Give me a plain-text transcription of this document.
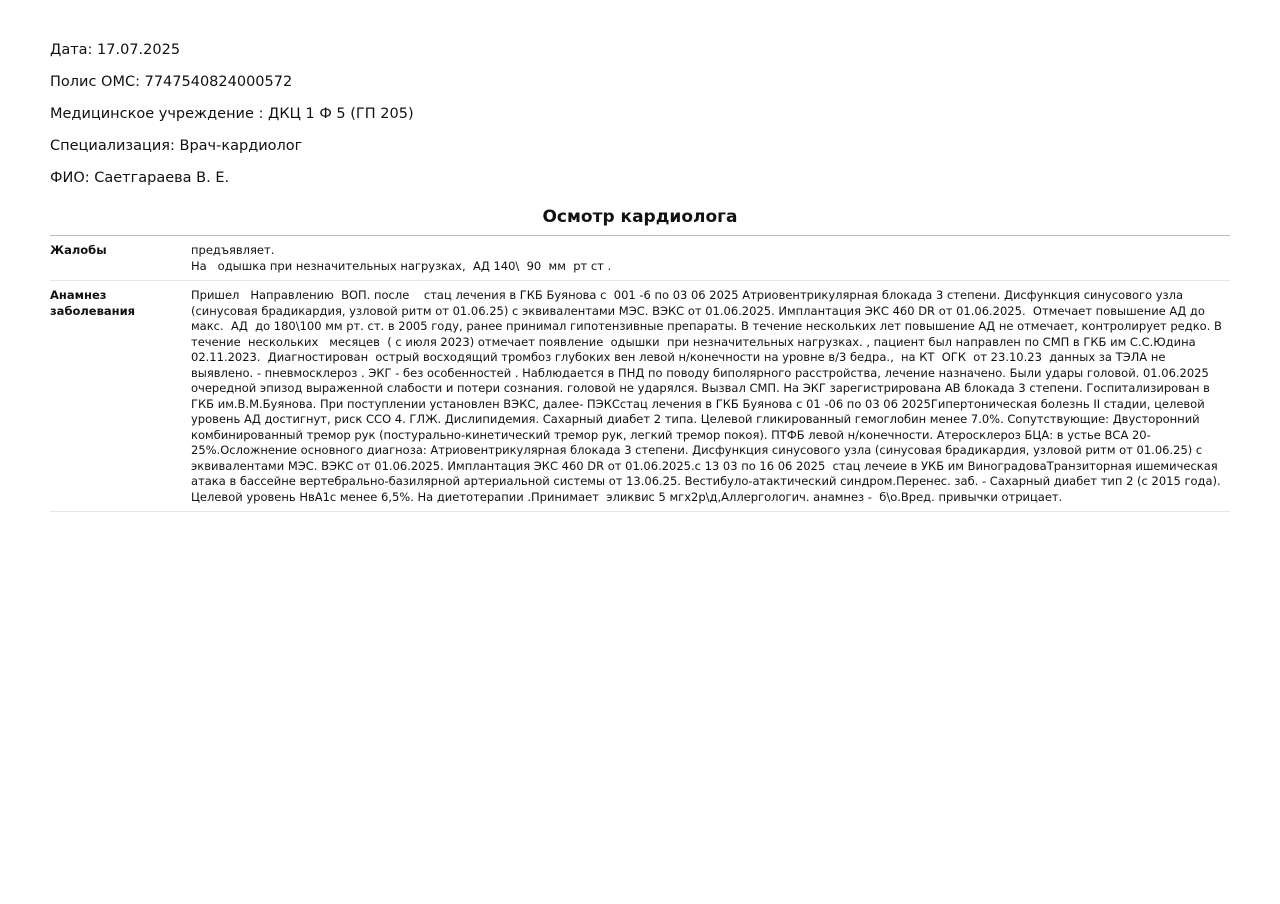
Дата: 17.07.2025
Полис ОМС: 7747540824000572
Медицинское учреждение : ДКЦ 1 Ф 5 (ГП 205)
Специализация: Врач-кардиолог
ФИО: Саетгараева В. Е.
Осмотр кардиолога
Жалобы	предъявляет.
На   одышка при незначительных нагрузках,  АД 140\  90  мм  рт ст .
Анамнез заболевания
Пришел   Направлению  ВОП. после    стац лечения в ГКБ Буянова с  001 -6 по 03 06 2025 Атриовентрикулярная блокада 3 степени. Дисфункция синусового узла (синусовая брадикардия, узловой ритм от 01.06.25) с эквивалентами МЭС. ВЭКС от 01.06.2025. Имплантация ЭКС 460 DR от 01.06.2025.  Отмечает повышение АД до макс.  АД  до 180\100 мм рт. ст. в 2005 году, ранее принимал гипотензивные препараты. В течение нескольких лет повышение АД не отмечает, контролирует редко. В течение  нескольких   месяцев  ( с июля 2023) отмечает появление  одышки  при незначительных нагрузках. , пациент был направлен по СМП в ГКБ им С.С.Юдина 02.11.2023.  Диагностирован  острый восходящий тромбоз глубоких вен левой н/конечности на уровне в/3 бедра.,  на КТ  ОГК  от 23.10.23  данных за ТЭЛА не выявлено. - пневмосклероз . ЭКГ - без особенностей . Наблюдается в ПНД по поводу биполярного расстройства, лечение назначено. Были удары головой. 01.06.2025 очередной эпизод выраженной слабости и потери сознания. головой не ударялся. Вызвал СМП. На ЭКГ зарегистрирована АВ блокада 3 степени. Госпитализирован в ГКБ им.В.М.Буянова. При поступлении установлен ВЭКС, далее- ПЭКСстац лечения в ГКБ Буянова с 01 -06 по 03 06 2025Гипертоническая болезнь II стадии, целевой уровень АД достигнут, риск ССО 4. ГЛЖ. Дислипидемия. Сахарный диабет 2 типа. Целевой гликированный гемоглобин менее 7.0%. Сопутствующие: Двусторонний комбинированный тремор рук (постурально-кинетический тремор рук, легкий тремор покоя). ПТФБ левой н/конечности. Атеросклероз БЦА: в устье ВСА 20-25%.Осложнение основного диагноза: Атриовентрикулярная блокада 3 степени. Дисфункция синусового узла (синусовая брадикардия, узловой ритм от 01.06.25) с эквивалентами МЭС. ВЭКС от 01.06.2025. Имплантация ЭКС 460 DR от 01.06.2025.с 13 03 по 16 06 2025  стац лечеие в УКБ им ВиноградоваТранзиторная ишемическая атака в бассейне вертебрально-базилярной артериальной системы от 13.06.25. Вестибуло-атактический синдром.Перенес. заб. - Сахарный диабет тип 2 (с 2015 года). Целевой уровень НвА1с менее 6,5%. На диетотерапии .Принимает  эликвис 5 мгх2р\д,Аллергологич. анамнез -  б\о.Вред. привычки отрицает.
